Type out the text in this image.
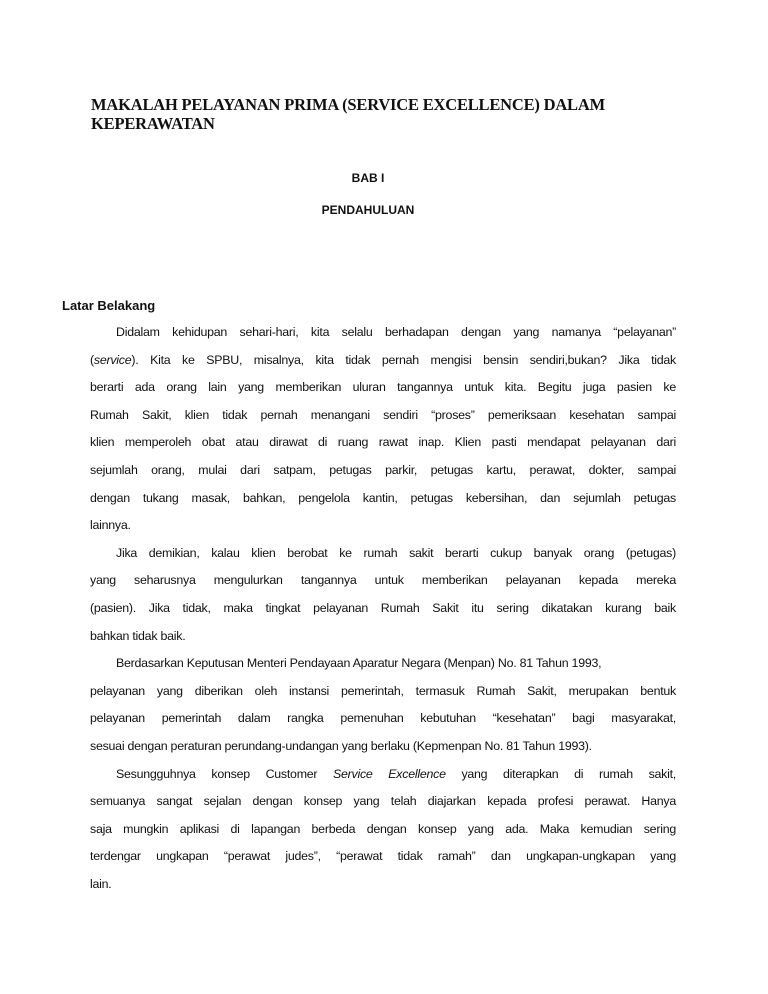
MAKALAH PELAYANAN PRIMA (SERVICE EXCELLENCE) DALAM
KEPERAWATAN
BAB I
PENDAHULUAN
Latar Belakang
Didalam kehidupan sehari-hari, kita selalu berhadapan dengan yang namanya “pelayanan”
(service). Kita ke SPBU, misalnya, kita tidak pernah mengisi bensin sendiri,bukan? Jika tidak
berarti ada orang lain yang memberikan uluran tangannya untuk kita. Begitu juga pasien ke
Rumah Sakit, klien tidak pernah menangani sendiri “proses” pemeriksaan kesehatan sampai
klien memperoleh obat atau dirawat di ruang rawat inap. Klien pasti mendapat pelayanan dari
sejumlah orang, mulai dari satpam, petugas parkir, petugas kartu, perawat, dokter, sampai
dengan tukang masak, bahkan, pengelola kantin, petugas kebersihan, dan sejumlah petugas
lainnya.
Jika demikian, kalau klien berobat ke rumah sakit berarti cukup banyak orang (petugas)
yang seharusnya mengulurkan tangannya untuk memberikan pelayanan kepada mereka
(pasien). Jika tidak, maka tingkat pelayanan Rumah Sakit itu sering dikatakan kurang baik
bahkan tidak baik.
Berdasarkan Keputusan Menteri Pendayaan Aparatur Negara (Menpan) No. 81 Tahun 1993,
pelayanan yang diberikan oleh instansi pemerintah, termasuk Rumah Sakit, merupakan bentuk
pelayanan pemerintah dalam rangka pemenuhan kebutuhan “kesehatan” bagi masyarakat,
sesuai dengan peraturan perundang-undangan yang berlaku (Kepmenpan No. 81 Tahun 1993).
Sesungguhnya konsep Customer Service Excellence yang diterapkan di rumah sakit,
semuanya sangat sejalan dengan konsep yang telah diajarkan kepada profesi perawat. Hanya
saja mungkin aplikasi di lapangan berbeda dengan konsep yang ada. Maka kemudian sering
terdengar ungkapan “perawat judes”, “perawat tidak ramah” dan ungkapan-ungkapan yang
lain.
